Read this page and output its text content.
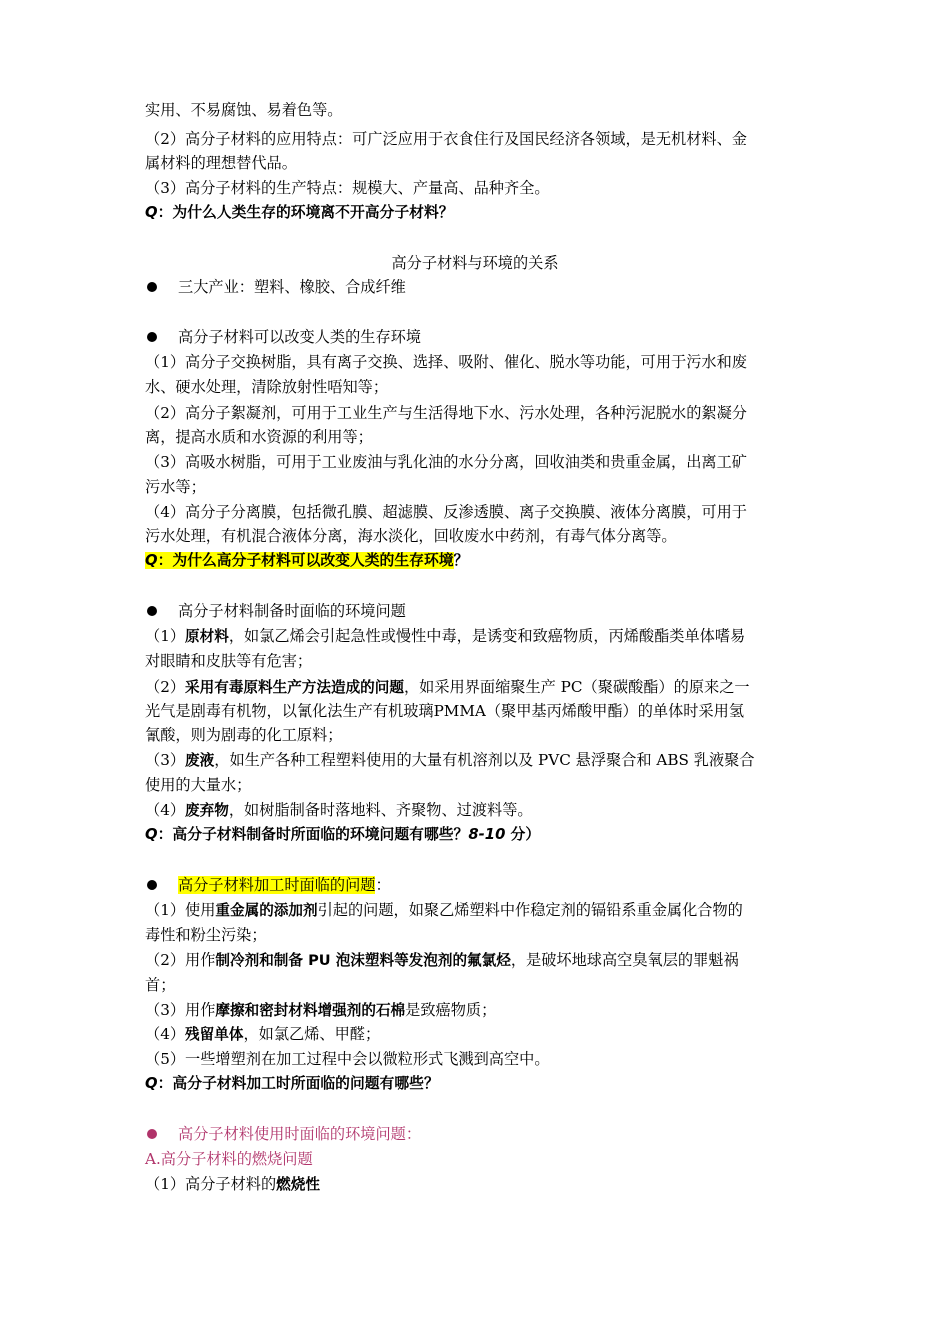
实用、不易腐蚀、易着色等。
（2）高分子材料的应用特点：可广泛应用于衣食住行及国民经济各领域，是无机材料、金
属材料的理想替代品。
（3）高分子材料的生产特点：规模大、产量高、品种齐全。
Q：为什么人类生存的环境离不开高分子材料？
高分子材料与环境的关系
三大产业：塑料、橡胶、合成纤维
高分子材料可以改变人类的生存环境
（1）高分子交换树脂，具有离子交换、选择、吸附、催化、脱水等功能，可用于污水和废
水、硬水处理，清除放射性唔知等；
（2）高分子絮凝剂，可用于工业生产与生活得地下水、污水处理，各种污泥脱水的絮凝分
离，提高水质和水资源的利用等；
（3）高吸水树脂，可用于工业废油与乳化油的水分分离，回收油类和贵重金属，出离工矿
污水等；
（4）高分子分离膜，包括微孔膜、超滤膜、反渗透膜、离子交换膜、液体分离膜，可用于
污水处理，有机混合液体分离，海水淡化，回收废水中药剂，有毒气体分离等。
Q：为什么高分子材料可以改变人类的生存环境？
高分子材料制备时面临的环境问题
（1）原材料，如氯乙烯会引起急性或慢性中毒，是诱变和致癌物质，丙烯酸酯类单体嗜易
对眼睛和皮肤等有危害；
（2）采用有毒原料生产方法造成的问题，如采用界面缩聚生产 PC（聚碳酸酯）的原来之一
光气是剧毒有机物，以氰化法生产有机玻璃PMMA（聚甲基丙烯酸甲酯）的单体时采用氢
氰酸，则为剧毒的化工原料；
（3）废液，如生产各种工程塑料使用的大量有机溶剂以及 PVC 悬浮聚合和 ABS 乳液聚合
使用的大量水；
（4）废弃物，如树脂制备时落地料、齐聚物、过渡料等。
Q：高分子材料制备时所面临的环境问题有哪些？8-10 分）
高分子材料加工时面临的问题：
（1）使用重金属的添加剂引起的问题，如聚乙烯塑料中作稳定剂的镉铅系重金属化合物的
毒性和粉尘污染；
（2）用作制冷剂和制备 PU 泡沫塑料等发泡剂的氟氯烃，是破坏地球高空臭氧层的罪魁祸
首；
（3）用作摩擦和密封材料增强剂的石棉是致癌物质；
（4）残留单体，如氯乙烯、甲醛；
（5）一些增塑剂在加工过程中会以微粒形式飞溅到高空中。
Q：高分子材料加工时所面临的问题有哪些？
高分子材料使用时面临的环境问题：
A.高分子材料的燃烧问题
（1）高分子材料的燃烧性
